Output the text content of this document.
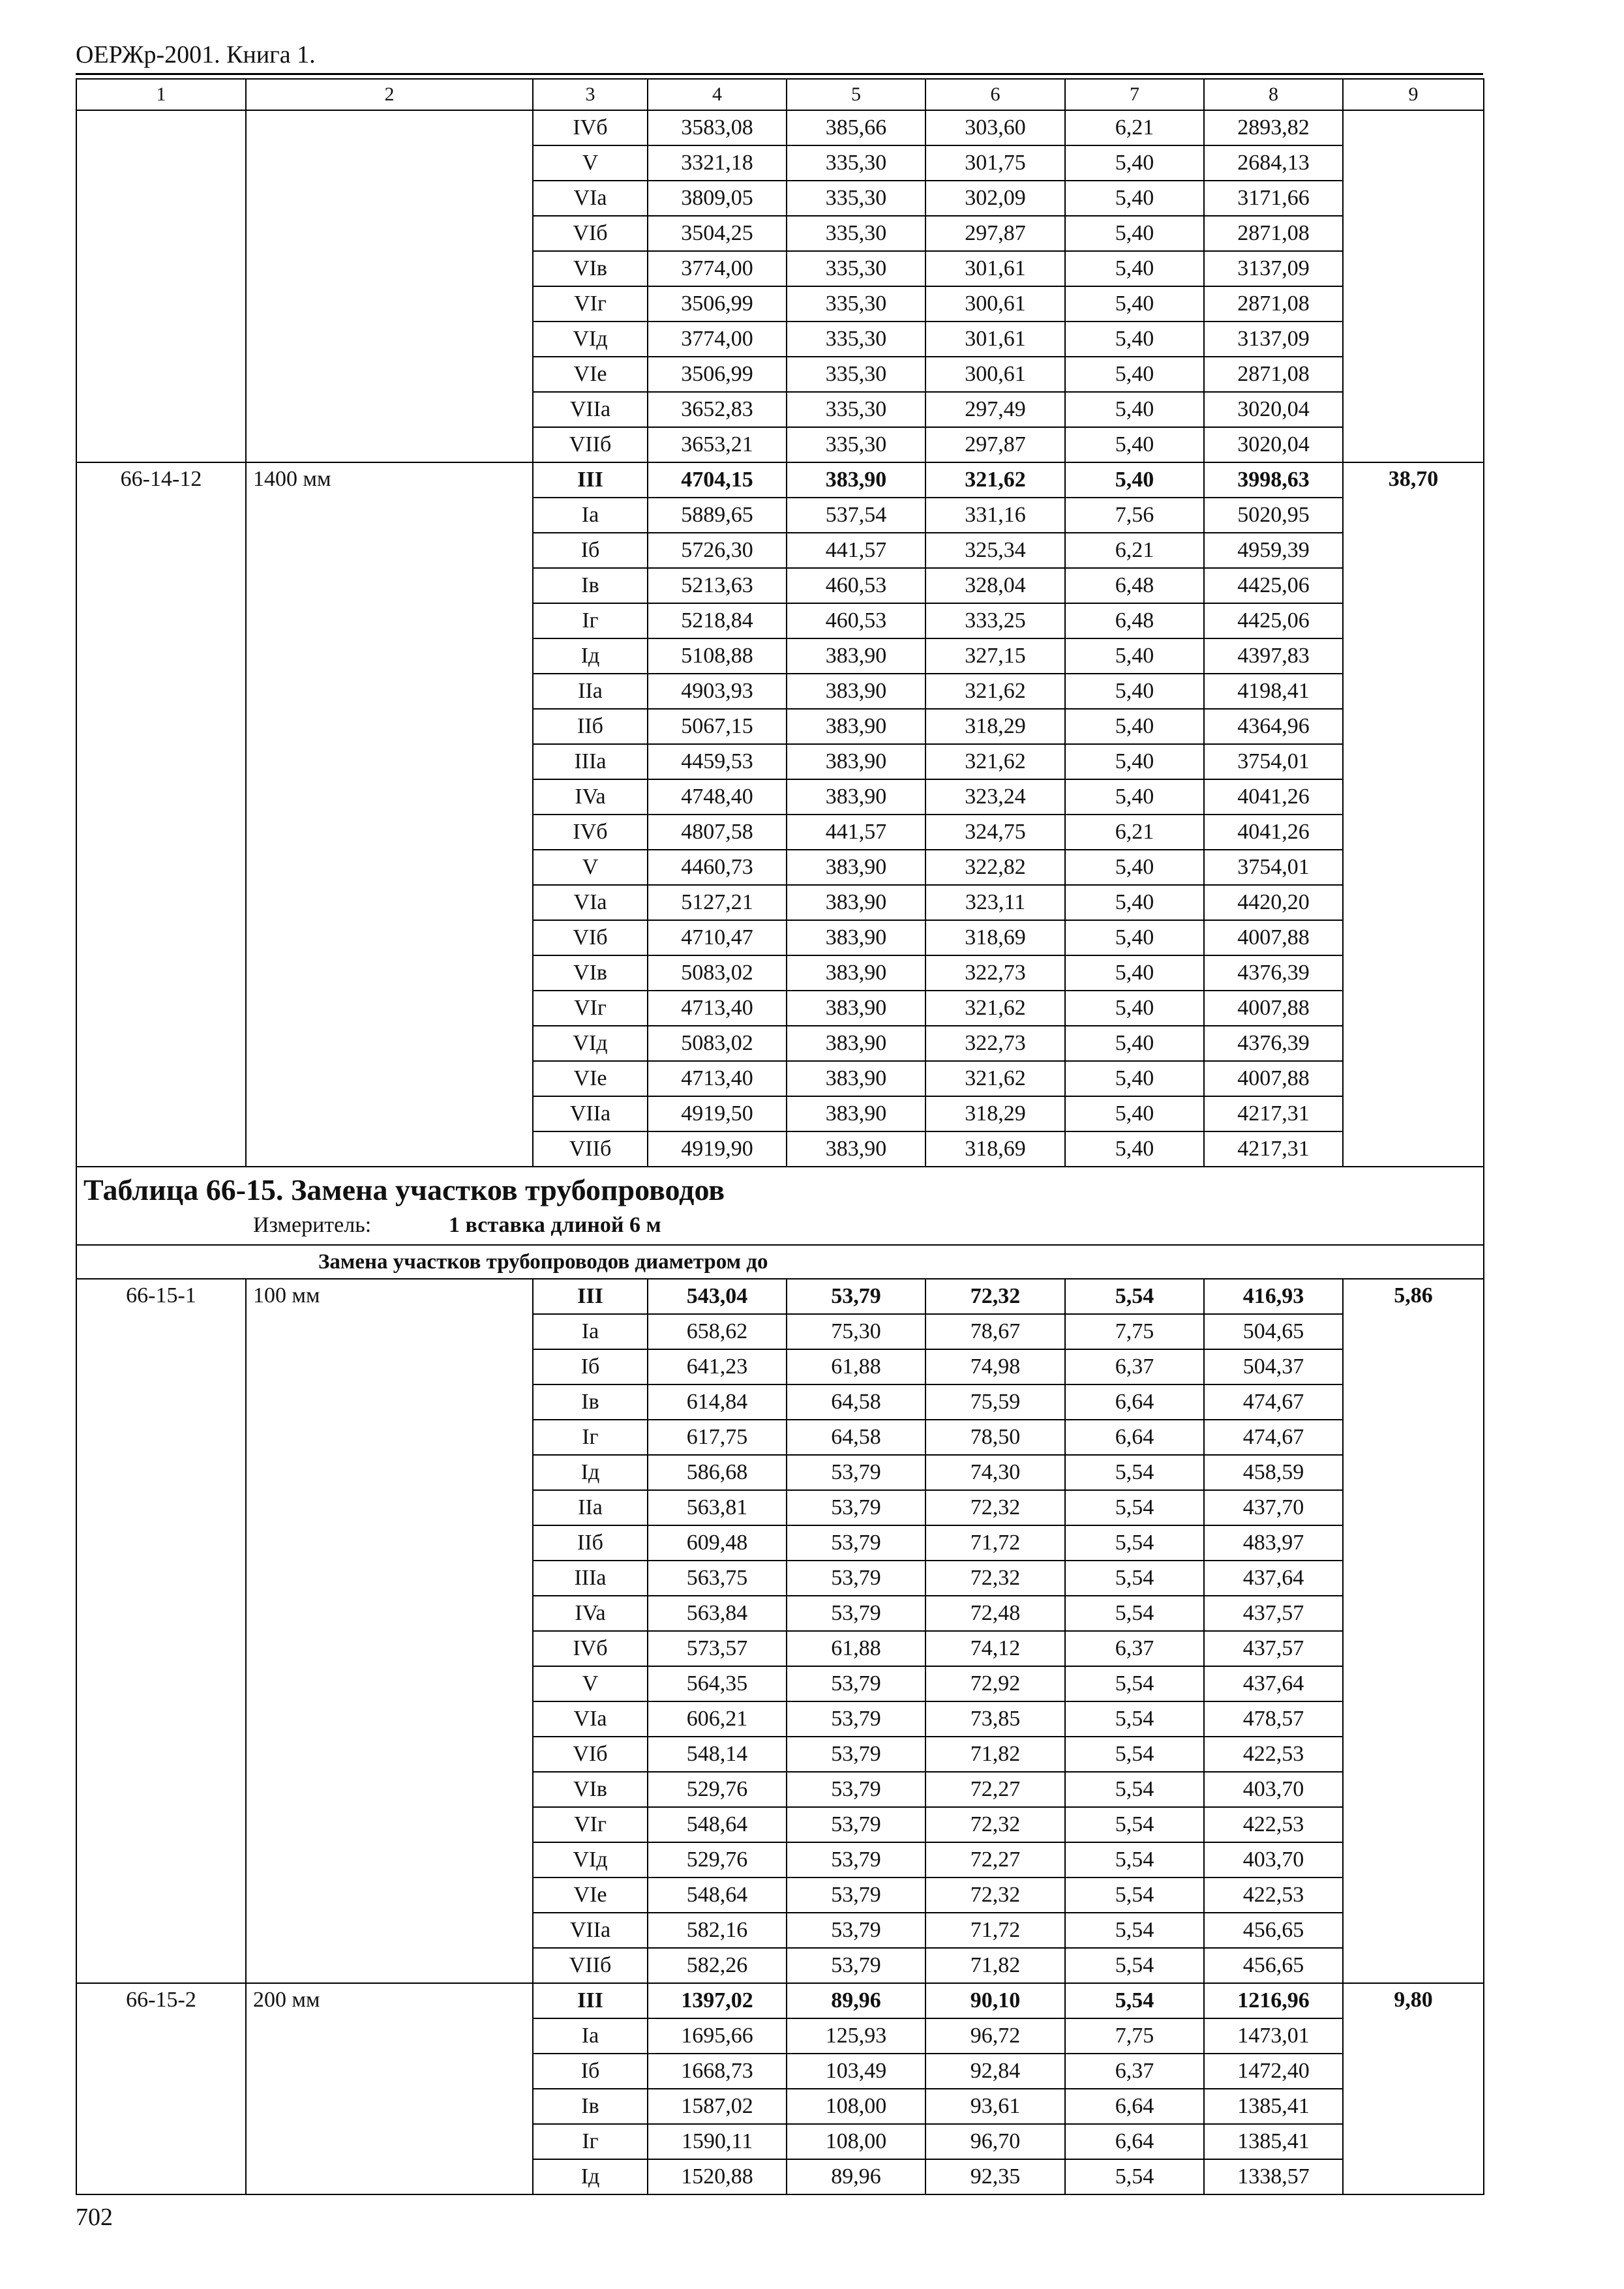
ОЕРЖр-2001. Книга 1.
1	2	3	4	5	6	7	8	9
		IVб	3583,08	385,66	303,60	6,21	2893,82	
		V	3321,18	335,30	301,75	5,40	2684,13	
		VIa	3809,05	335,30	302,09	5,40	3171,66	
		VIб	3504,25	335,30	297,87	5,40	2871,08	
		VIв	3774,00	335,30	301,61	5,40	3137,09	
		VIг	3506,99	335,30	300,61	5,40	2871,08	
		VIд	3774,00	335,30	301,61	5,40	3137,09	
		VIe	3506,99	335,30	300,61	5,40	2871,08	
		VIIa	3652,83	335,30	297,49	5,40	3020,04	
		VIIб	3653,21	335,30	297,87	5,40	3020,04	
66-14-12	1400 мм	III	4704,15	383,90	321,62	5,40	3998,63	38,70
		Ia	5889,65	537,54	331,16	7,56	5020,95	
		Iб	5726,30	441,57	325,34	6,21	4959,39	
		Iв	5213,63	460,53	328,04	6,48	4425,06	
		Iг	5218,84	460,53	333,25	6,48	4425,06	
		Iд	5108,88	383,90	327,15	5,40	4397,83	
		IIa	4903,93	383,90	321,62	5,40	4198,41	
		IIб	5067,15	383,90	318,29	5,40	4364,96	
		IIIa	4459,53	383,90	321,62	5,40	3754,01	
		IVa	4748,40	383,90	323,24	5,40	4041,26	
		IVб	4807,58	441,57	324,75	6,21	4041,26	
		V	4460,73	383,90	322,82	5,40	3754,01	
		VIa	5127,21	383,90	323,11	5,40	4420,20	
		VIб	4710,47	383,90	318,69	5,40	4007,88	
		VIв	5083,02	383,90	322,73	5,40	4376,39	
		VIг	4713,40	383,90	321,62	5,40	4007,88	
		VIд	5083,02	383,90	322,73	5,40	4376,39	
		VIe	4713,40	383,90	321,62	5,40	4007,88	
		VIIa	4919,50	383,90	318,29	5,40	4217,31	
		VIIб	4919,90	383,90	318,69	5,40	4217,31	

Таблица 66-15. Замена участков трубопроводов
Измеритель: 1 вставка длиной 6 м								

Замена участков трубопроводов диаметром до								
66-15-1	100 мм	III	543,04	53,79	72,32	5,54	416,93	5,86
		Ia	658,62	75,30	78,67	7,75	504,65	
		Iб	641,23	61,88	74,98	6,37	504,37	
		Iв	614,84	64,58	75,59	6,64	474,67	
		Iг	617,75	64,58	78,50	6,64	474,67	
		Iд	586,68	53,79	74,30	5,54	458,59	
		IIa	563,81	53,79	72,32	5,54	437,70	
		IIб	609,48	53,79	71,72	5,54	483,97	
		IIIa	563,75	53,79	72,32	5,54	437,64	
		IVa	563,84	53,79	72,48	5,54	437,57	
		IVб	573,57	61,88	74,12	6,37	437,57	
		V	564,35	53,79	72,92	5,54	437,64	
		VIa	606,21	53,79	73,85	5,54	478,57	
		VIб	548,14	53,79	71,82	5,54	422,53	
		VIв	529,76	53,79	72,27	5,54	403,70	
		VIг	548,64	53,79	72,32	5,54	422,53	
		VIд	529,76	53,79	72,27	5,54	403,70	
		VIe	548,64	53,79	72,32	5,54	422,53	
		VIIa	582,16	53,79	71,72	5,54	456,65	
		VIIб	582,26	53,79	71,82	5,54	456,65	
66-15-2	200 мм	III	1397,02	89,96	90,10	5,54	1216,96	9,80
		Ia	1695,66	125,93	96,72	7,75	1473,01	
		Iб	1668,73	103,49	92,84	6,37	1472,40	
		Iв	1587,02	108,00	93,61	6,64	1385,41	
		Iг	1590,11	108,00	96,70	6,64	1385,41	
		Iд	1520,88	89,96	92,35	5,54	1338,57	
702
